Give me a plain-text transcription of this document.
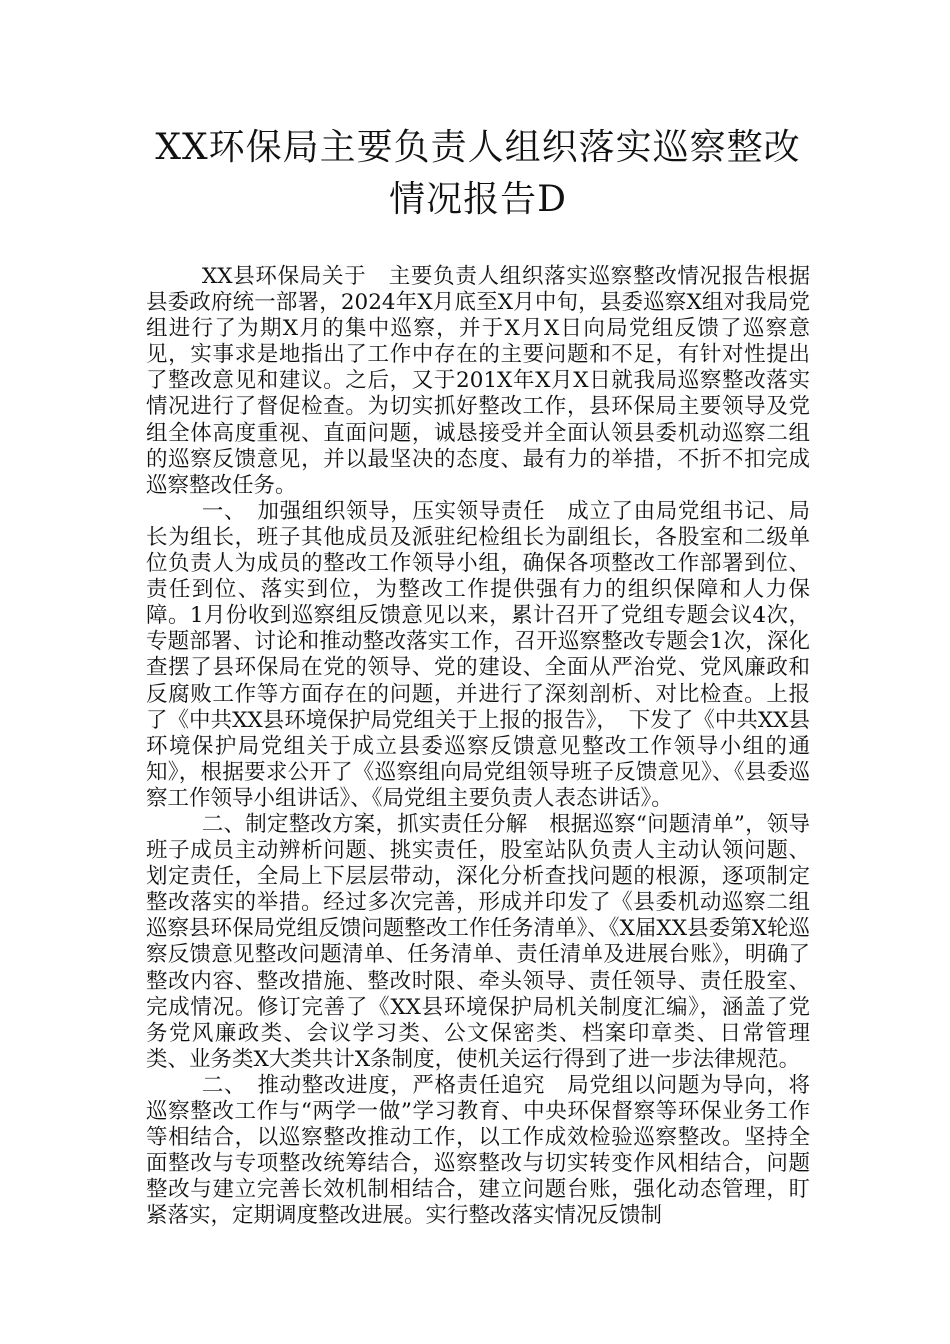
XX环保局主要负责人组织落实巡察整改情况报告D

XX县环保局关于　主要负责人组织落实巡察整改情况报告根据县委政府统一部署，2024年X月底至X月中旬，县委巡察X组对我局党组进行了为期X月的集中巡察，并于X月X日向局党组反馈了巡察意见，实事求是地指出了工作中存在的主要问题和不足，有针对性提出了整改意见和建议。之后，又于201X年X月X日就我局巡察整改落实情况进行了督促检查。为切实抓好整改工作，县环保局主要领导及党组全体高度重视、直面问题，诚恳接受并全面认领县委机动巡察二组的巡察反馈意见，并以最坚决的态度、最有力的举措，不折不扣完成巡察整改任务。

一、　加强组织领导，压实领导责任　成立了由局党组书记、局长为组长，班子其他成员及派驻纪检组长为副组长，各股室和二级单位负责人为成员的整改工作领导小组，确保各项整改工作部署到位、责任到位、落实到位，为整改工作提供强有力的组织保障和人力保障。1月份收到巡察组反馈意见以来，累计召开了党组专题会议4次，专题部署、讨论和推动整改落实工作，召开巡察整改专题会1次，深化查摆了县环保局在党的领导、党的建设、全面从严治党、党风廉政和反腐败工作等方面存在的问题，并进行了深刻剖析、对比检查。上报了《中共XX县环境保护局党组关于上报的报告》，　下发了《中共XX县环境保护局党组关于成立县委巡察反馈意见整改工作领导小组的通知》，根据要求公开了《巡察组向局党组领导班子反馈意见》、《县委巡察工作领导小组讲话》、《局党组主要负责人表态讲话》。

二、制定整改方案，抓实责任分解　根据巡察“问题清单”，领导班子成员主动辨析问题、挑实责任，股室站队负责人主动认领问题、划定责任，全局上下层层带动，深化分析查找问题的根源，逐项制定整改落实的举措。经过多次完善，形成并印发了《县委机动巡察二组巡察县环保局党组反馈问题整改工作任务清单》、《X届XX县委第X轮巡察反馈意见整改问题清单、任务清单、责任清单及进展台账》，明确了整改内容、整改措施、整改时限、牵头领导、责任领导、责任股室、完成情况。修订完善了《XX县环境保护局机关制度汇编》，涵盖了党务党风廉政类、会议学习类、公文保密类、档案印章类、日常管理类、业务类X大类共计X条制度，使机关运行得到了进一步法律规范。

二、　推动整改进度，严格责任追究　局党组以问题为导向，将巡察整改工作与“两学一做”学习教育、中央环保督察等环保业务工作等相结合，以巡察整改推动工作，以工作成效检验巡察整改。坚持全面整改与专项整改统筹结合，巡察整改与切实转变作风相结合，问题整改与建立完善长效机制相结合，建立问题台账，强化动态管理，盯紧落实，定期调度整改进展。实行整改落实情况反馈制
